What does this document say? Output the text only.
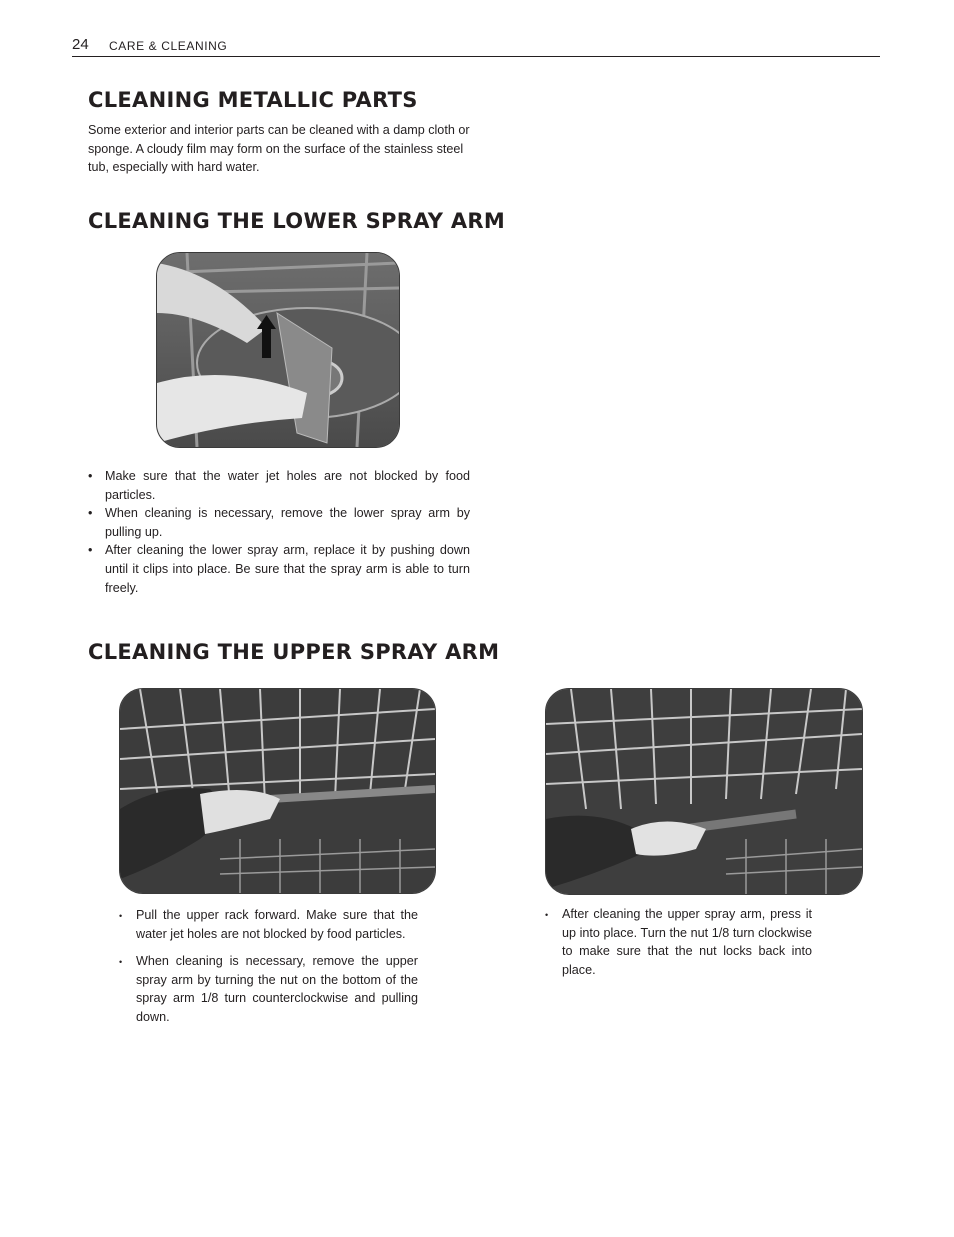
24 CARE & CLEANING
CLEANING METALLIC PARTS

Some exterior and interior parts can be cleaned with a damp cloth or sponge. A cloudy film may form on the surface of the stainless steel tub, especially with hard water.

CLEANING THE LOWER SPRAY ARM
• Make sure that the water jet holes are not blocked by food particles.
• When cleaning is necessary, remove the lower spray arm by pulling up.
• After cleaning the lower spray arm, replace it by pushing down until it clips into place. Be sure that the spray arm is able to turn freely.
CLEANING THE UPPER SPRAY ARM
• Pull the upper rack forward. Make sure that the water jet holes are not blocked by food particles.
• When cleaning is necessary, remove the upper spray arm by turning the nut on the bottom of the spray arm 1/8 turn counterclockwise and pulling down.
• After cleaning the upper spray arm, press it up into place. Turn the nut 1/8 turn clockwise to make sure that the nut locks back into place.
